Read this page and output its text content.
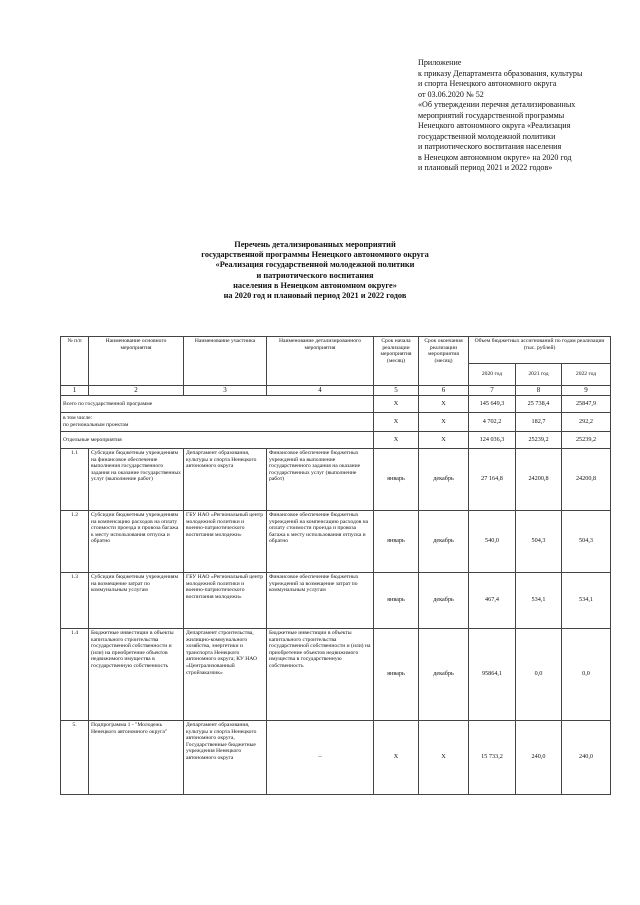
Приложение
к приказу Департамента образования, культуры
и спорта Ненецкого автономного округа
от 03.06.2020 № 52
«Об утверждении перечня детализированных
мероприятий государственной программы
Ненецкого автономного округа «Реализация
государственной молодежной политики
и патриотического воспитания населения
в Ненецком автономном округе» на 2020 год
и плановый период 2021 и 2022 годов»
Перечень детализированных мероприятий
государственной программы Ненецкого автономного округа
«Реализация государственной молодежной политики
и патриотического воспитания
населения в Ненецком автономном округе»
на 2020 год и плановый период 2021 и 2022 годов
№ п/п	Наименование основного мероприятия	Наименование участника	Наименование детализированного мероприятия	Срок начала реализации мероприятия (месяц)	Срок окончания реализации мероприятия (месяц)	Объем бюджетных ассигнований по годам реализации (тыс. рублей)		
						2020 год	2021 год	2022 год
1	2	3	4	5	6	7	8	9
Всего по государственной программе				X	X	145 649,3	25 738,4	25847,9
в том числе:
по региональным проектам				X	X	4 702,2	182,7	292,2
Отдельные мероприятия				X	X	124 036,3	25239,2	25239,2
1.1	Субсидии бюджетным учреждениям на финансовое обеспечение выполнения государственного задания на оказание государственных услуг (выполнение работ)	Департамент образования, культуры и спорта Ненецкого автономного округа	Финансовое обеспечение бюджетных учреждений на выполнение государственного задания на оказание государственных услуг (выполнение работ)	январь	декабрь	27 164,8	24200,8	24200,8
1.2	Субсидии бюджетным учреждениям на компенсацию расходов на оплату стоимости проезда и провоза багажа к месту использования отпуска и обратно	ГБУ НАО «Региональный центр молодежной политики и военно-патриотического воспитания молодежи»	Финансовое обеспечение бюджетных учреждений на компенсацию расходов на оплату стоимости проезда и провоза багажа к месту использования отпуска и обратно	январь	декабрь	540,0	504,3	504,3
1.3	Субсидии бюджетным учреждениям на возмещение затрат по коммунальным услугам	ГБУ НАО «Региональный центр молодежной политики и военно-патриотического воспитания молодежи»	Финансовое обеспечение бюджетных учреждений за возмещение затрат по коммунальным услугам	январь	декабрь	467,4	534,1	534,1
1.4	Бюджетные инвестиции в объекты капитального строительства государственной собственности и (или) на приобретение объектов недвижимого имущества в государственную собственность	Департамент строительства, жилищно-коммунального хозяйства, энергетики и транспорта Ненецкого автономного округа; КУ НАО «Централизованный стройзаказчик»	Бюджетные инвестиции в объекты капитального строительства государственной собственности и (или) на приобретение объектов недвижимого имущества в государственную собственность	январь	декабрь	95864,1	0,0	0,0
5.	Подпрограмма 1 - "Молодежь Ненецкого автономного округа"	Департамент образования, культуры и спорта Ненецкого автономного округа, Государственные бюджетные учреждения Ненецкого автономного округа	–	X	X	15 733,2	240,0	240,0
